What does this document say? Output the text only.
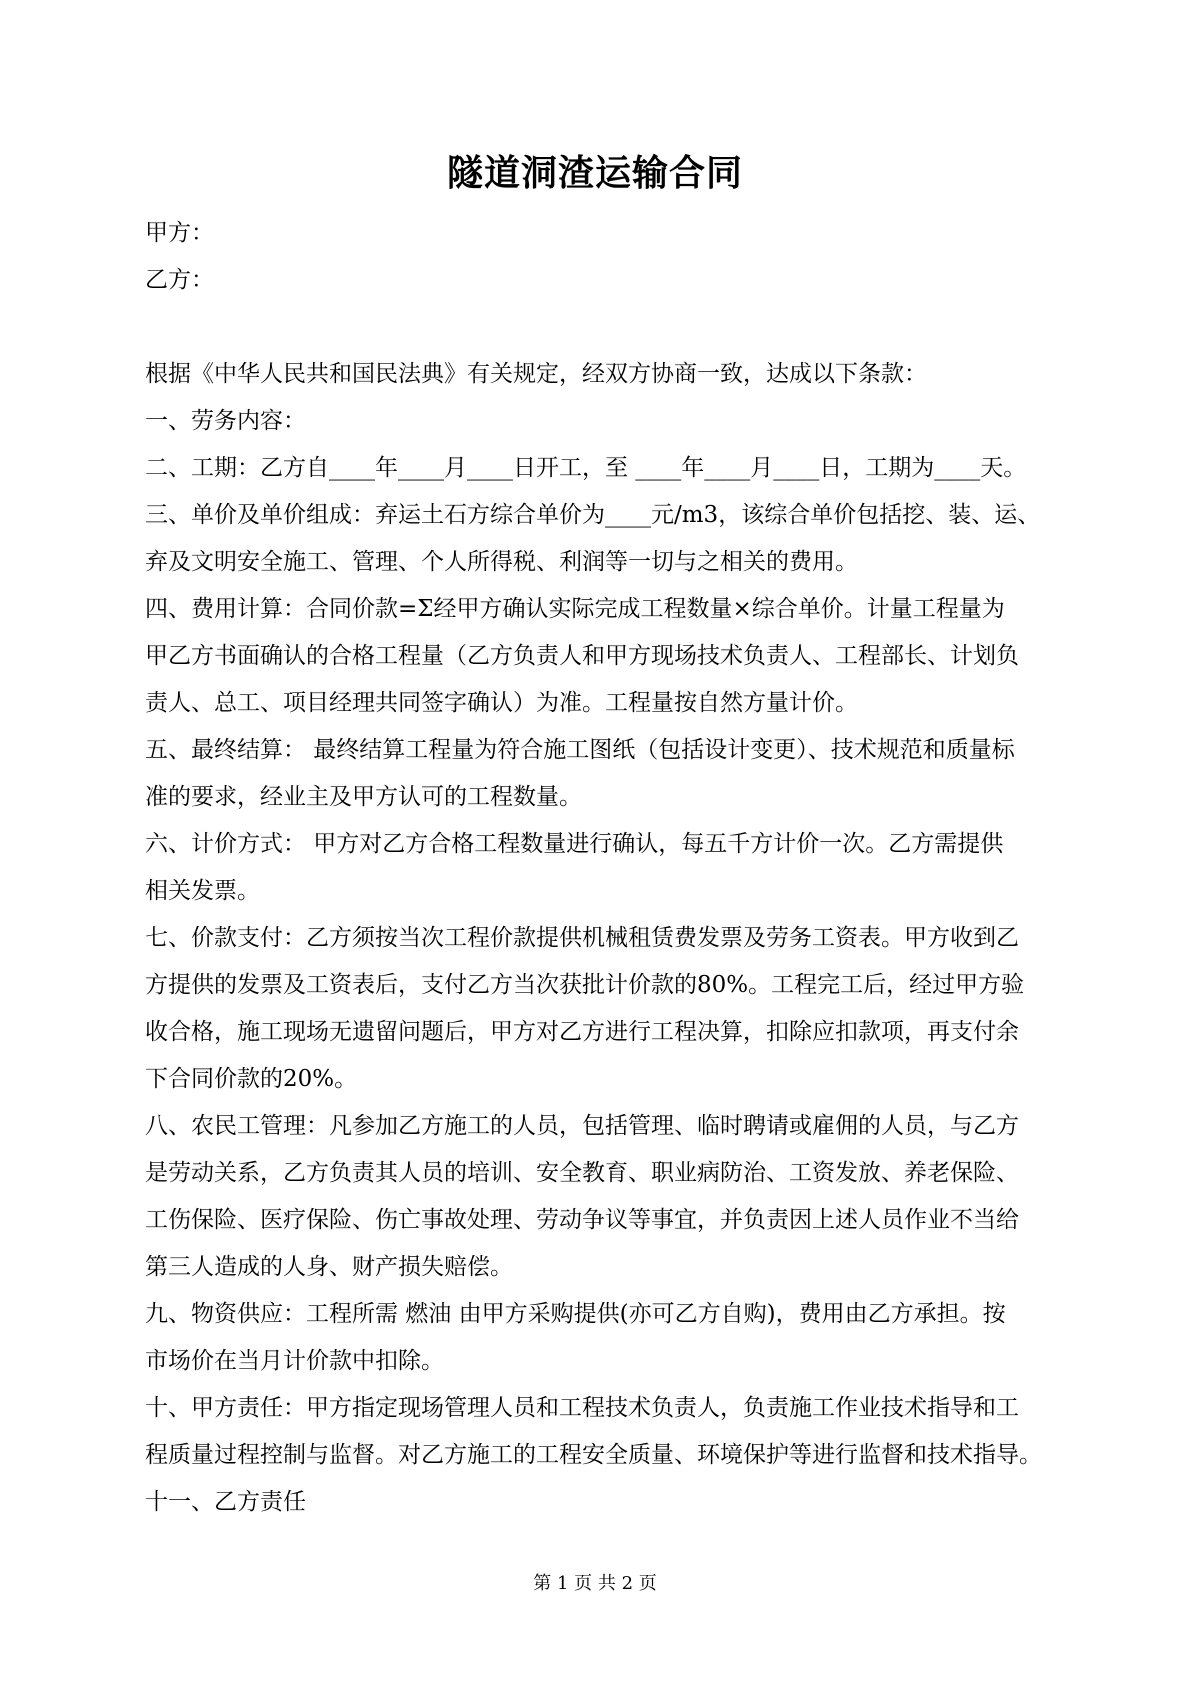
隧道洞渣运输合同
甲方：
乙方：
根据《中华人民共和国民法典》有关规定，经双方协商一致，达成以下条款：
一、劳务内容：
二、工期：乙方自____年____月____日开工，至 ____年____月____日，工期为____天。
三、单价及单价组成：弃运土石方综合单价为____元/m3，该综合单价包括挖、装、运、
弃及文明安全施工、管理、个人所得税、利润等一切与之相关的费用。
四、费用计算：合同价款=Σ经甲方确认实际完成工程数量×综合单价。计量工程量为
甲乙方书面确认的合格工程量（乙方负责人和甲方现场技术负责人、工程部长、计划负
责人、总工、项目经理共同签字确认）为准。工程量按自然方量计价。
五、最终结算： 最终结算工程量为符合施工图纸（包括设计变更）、技术规范和质量标
准的要求，经业主及甲方认可的工程数量。
六、计价方式： 甲方对乙方合格工程数量进行确认，每五千方计价一次。乙方需提供
相关发票。
七、价款支付：乙方须按当次工程价款提供机械租赁费发票及劳务工资表。甲方收到乙
方提供的发票及工资表后，支付乙方当次获批计价款的80%。工程完工后，经过甲方验
收合格，施工现场无遗留问题后，甲方对乙方进行工程决算，扣除应扣款项，再支付余
下合同价款的20%。
八、农民工管理：凡参加乙方施工的人员，包括管理、临时聘请或雇佣的人员，与乙方
是劳动关系，乙方负责其人员的培训、安全教育、职业病防治、工资发放、养老保险、
工伤保险、医疗保险、伤亡事故处理、劳动争议等事宜，并负责因上述人员作业不当给
第三人造成的人身、财产损失赔偿。
九、物资供应：工程所需 燃油 由甲方采购提供(亦可乙方自购)，费用由乙方承担。按
市场价在当月计价款中扣除。
十、甲方责任：甲方指定现场管理人员和工程技术负责人，负责施工作业技术指导和工
程质量过程控制与监督。对乙方施工的工程安全质量、环境保护等进行监督和技术指导。
十一、乙方责任
第 1 页 共 2 页
